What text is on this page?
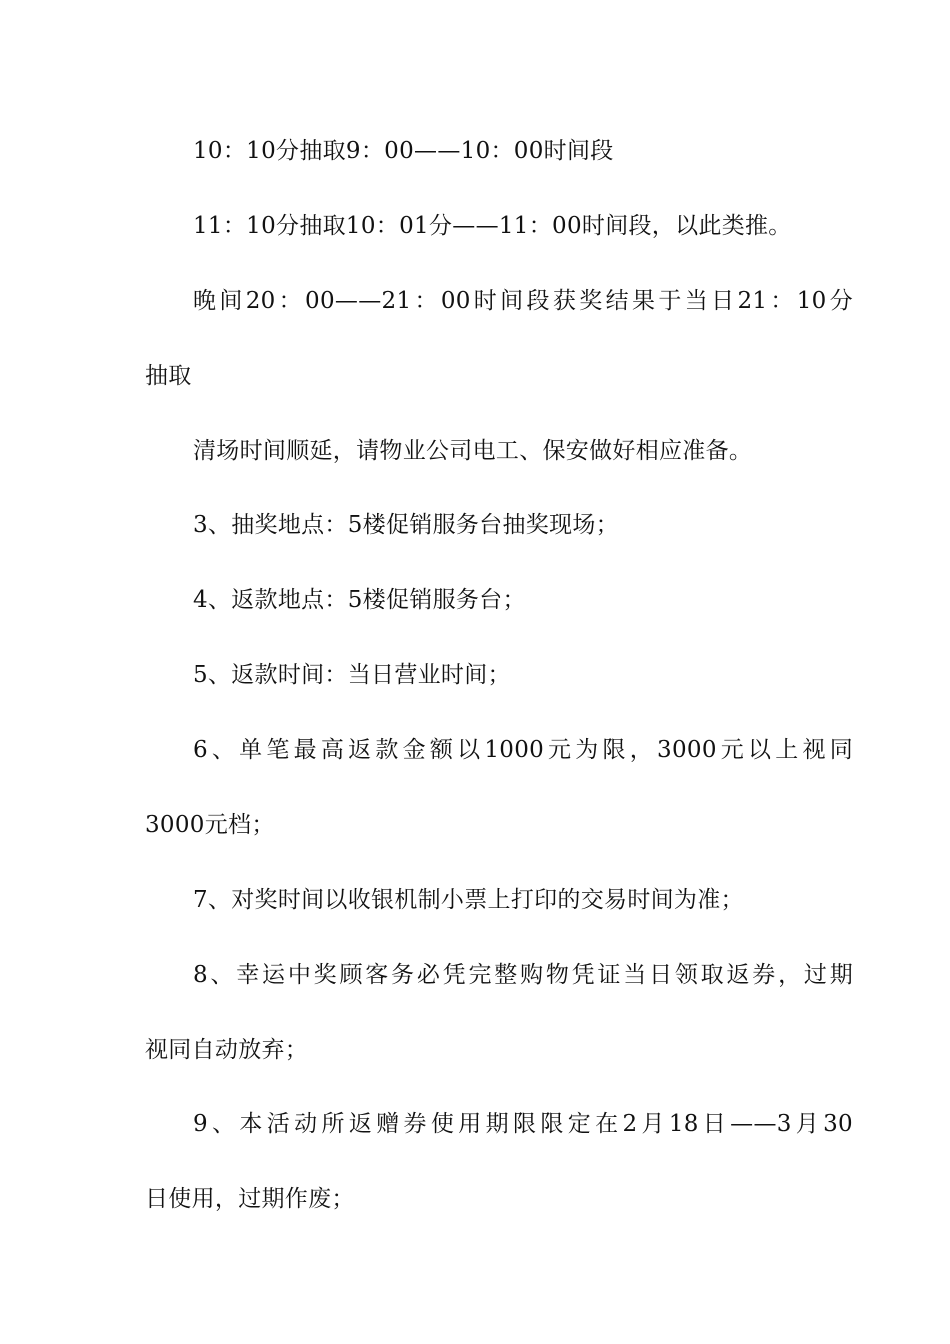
10：10分抽取9：00——10：00时间段
11：10分抽取10：01分——11：00时间段，以此类推。
晚间20：00——21：00时间段获奖结果于当日21：10分
抽取
清场时间顺延，请物业公司电工、保安做好相应准备。
3、抽奖地点：5楼促销服务台抽奖现场；
4、返款地点：5楼促销服务台；
5、返款时间：当日营业时间；
6、单笔最高返款金额以1000元为限，3000元以上视同
3000元档；
7、对奖时间以收银机制小票上打印的交易时间为准；
8、幸运中奖顾客务必凭完整购物凭证当日领取返券，过期
视同自动放弃；
9、本活动所返赠券使用期限限定在2月18日——3月30
日使用，过期作废；
